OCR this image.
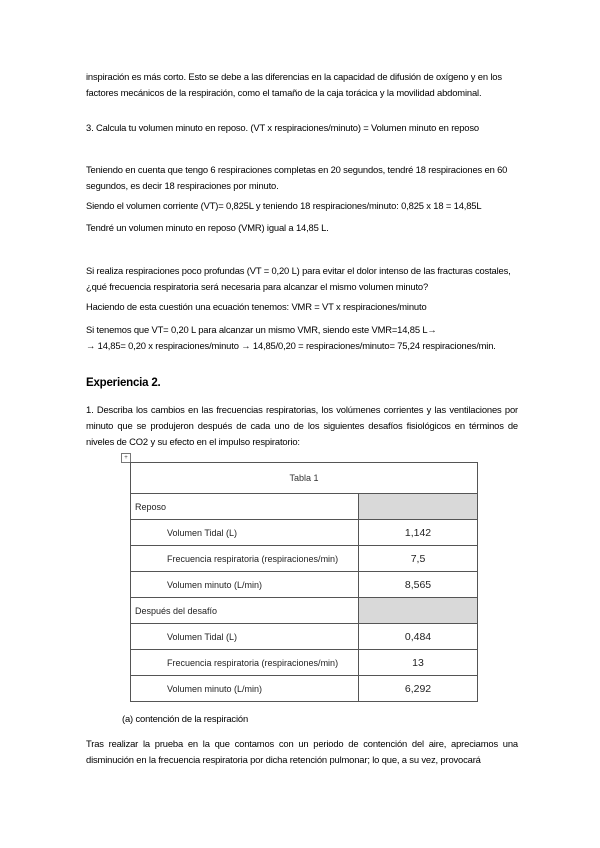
inspiración es más corto. Esto se debe a las diferencias en la capacidad de difusión de oxígeno y en los
factores mecánicos de la respiración, como el tamaño de la caja torácica y la movilidad abdominal.
3. Calcula tu volumen minuto en reposo. (VT x respiraciones/minuto) = Volumen minuto en reposo
Teniendo en cuenta que tengo 6 respiraciones completas en 20 segundos, tendré 18 respiraciones en 60
segundos, es decir 18 respiraciones por minuto.
Siendo el volumen corriente (VT)= 0,825L y teniendo 18 respiraciones/minuto: 0,825 x 18 = 14,85L
Tendré un volumen minuto en reposo (VMR) igual a 14,85 L.
Si realiza respiraciones poco profundas (VT = 0,20 L) para evitar el dolor intenso de las fracturas costales,
¿qué frecuencia respiratoria será necesaria para alcanzar el mismo volumen minuto?
Haciendo de esta cuestión una ecuación tenemos: VMR = VT x respiraciones/minuto
Si tenemos que VT= 0,20 L para alcanzar un mismo VMR, siendo este VMR=14,85 L→
→ 14,85= 0,20 x respiraciones/minuto → 14,85/0,20 = respiraciones/minuto= 75,24 respiraciones/min.
Experiencia 2.
1. Describa los cambios en las frecuencias respiratorias, los volúmenes corrientes y las ventilaciones por minuto que se produjeron después de cada uno de los siguientes desafíos fisiológicos en términos de niveles de CO2 y su efecto en el impulso respiratorio:
+
Tabla 1	
Reposo	
Volumen Tidal (L)	1,142
Frecuencia respiratoria (respiraciones/min)	7,5
Volumen minuto (L/min)	8,565
Después del desafío	
Volumen Tidal (L)	0,484
Frecuencia respiratoria (respiraciones/min)	13
Volumen minuto (L/min)	6,292
(a) contención de la respiración
Tras realizar la prueba en la que contamos con un periodo de contención del aire, apreciamos una disminución en la frecuencia respiratoria por dicha retención pulmonar; lo que, a su vez, provocará
